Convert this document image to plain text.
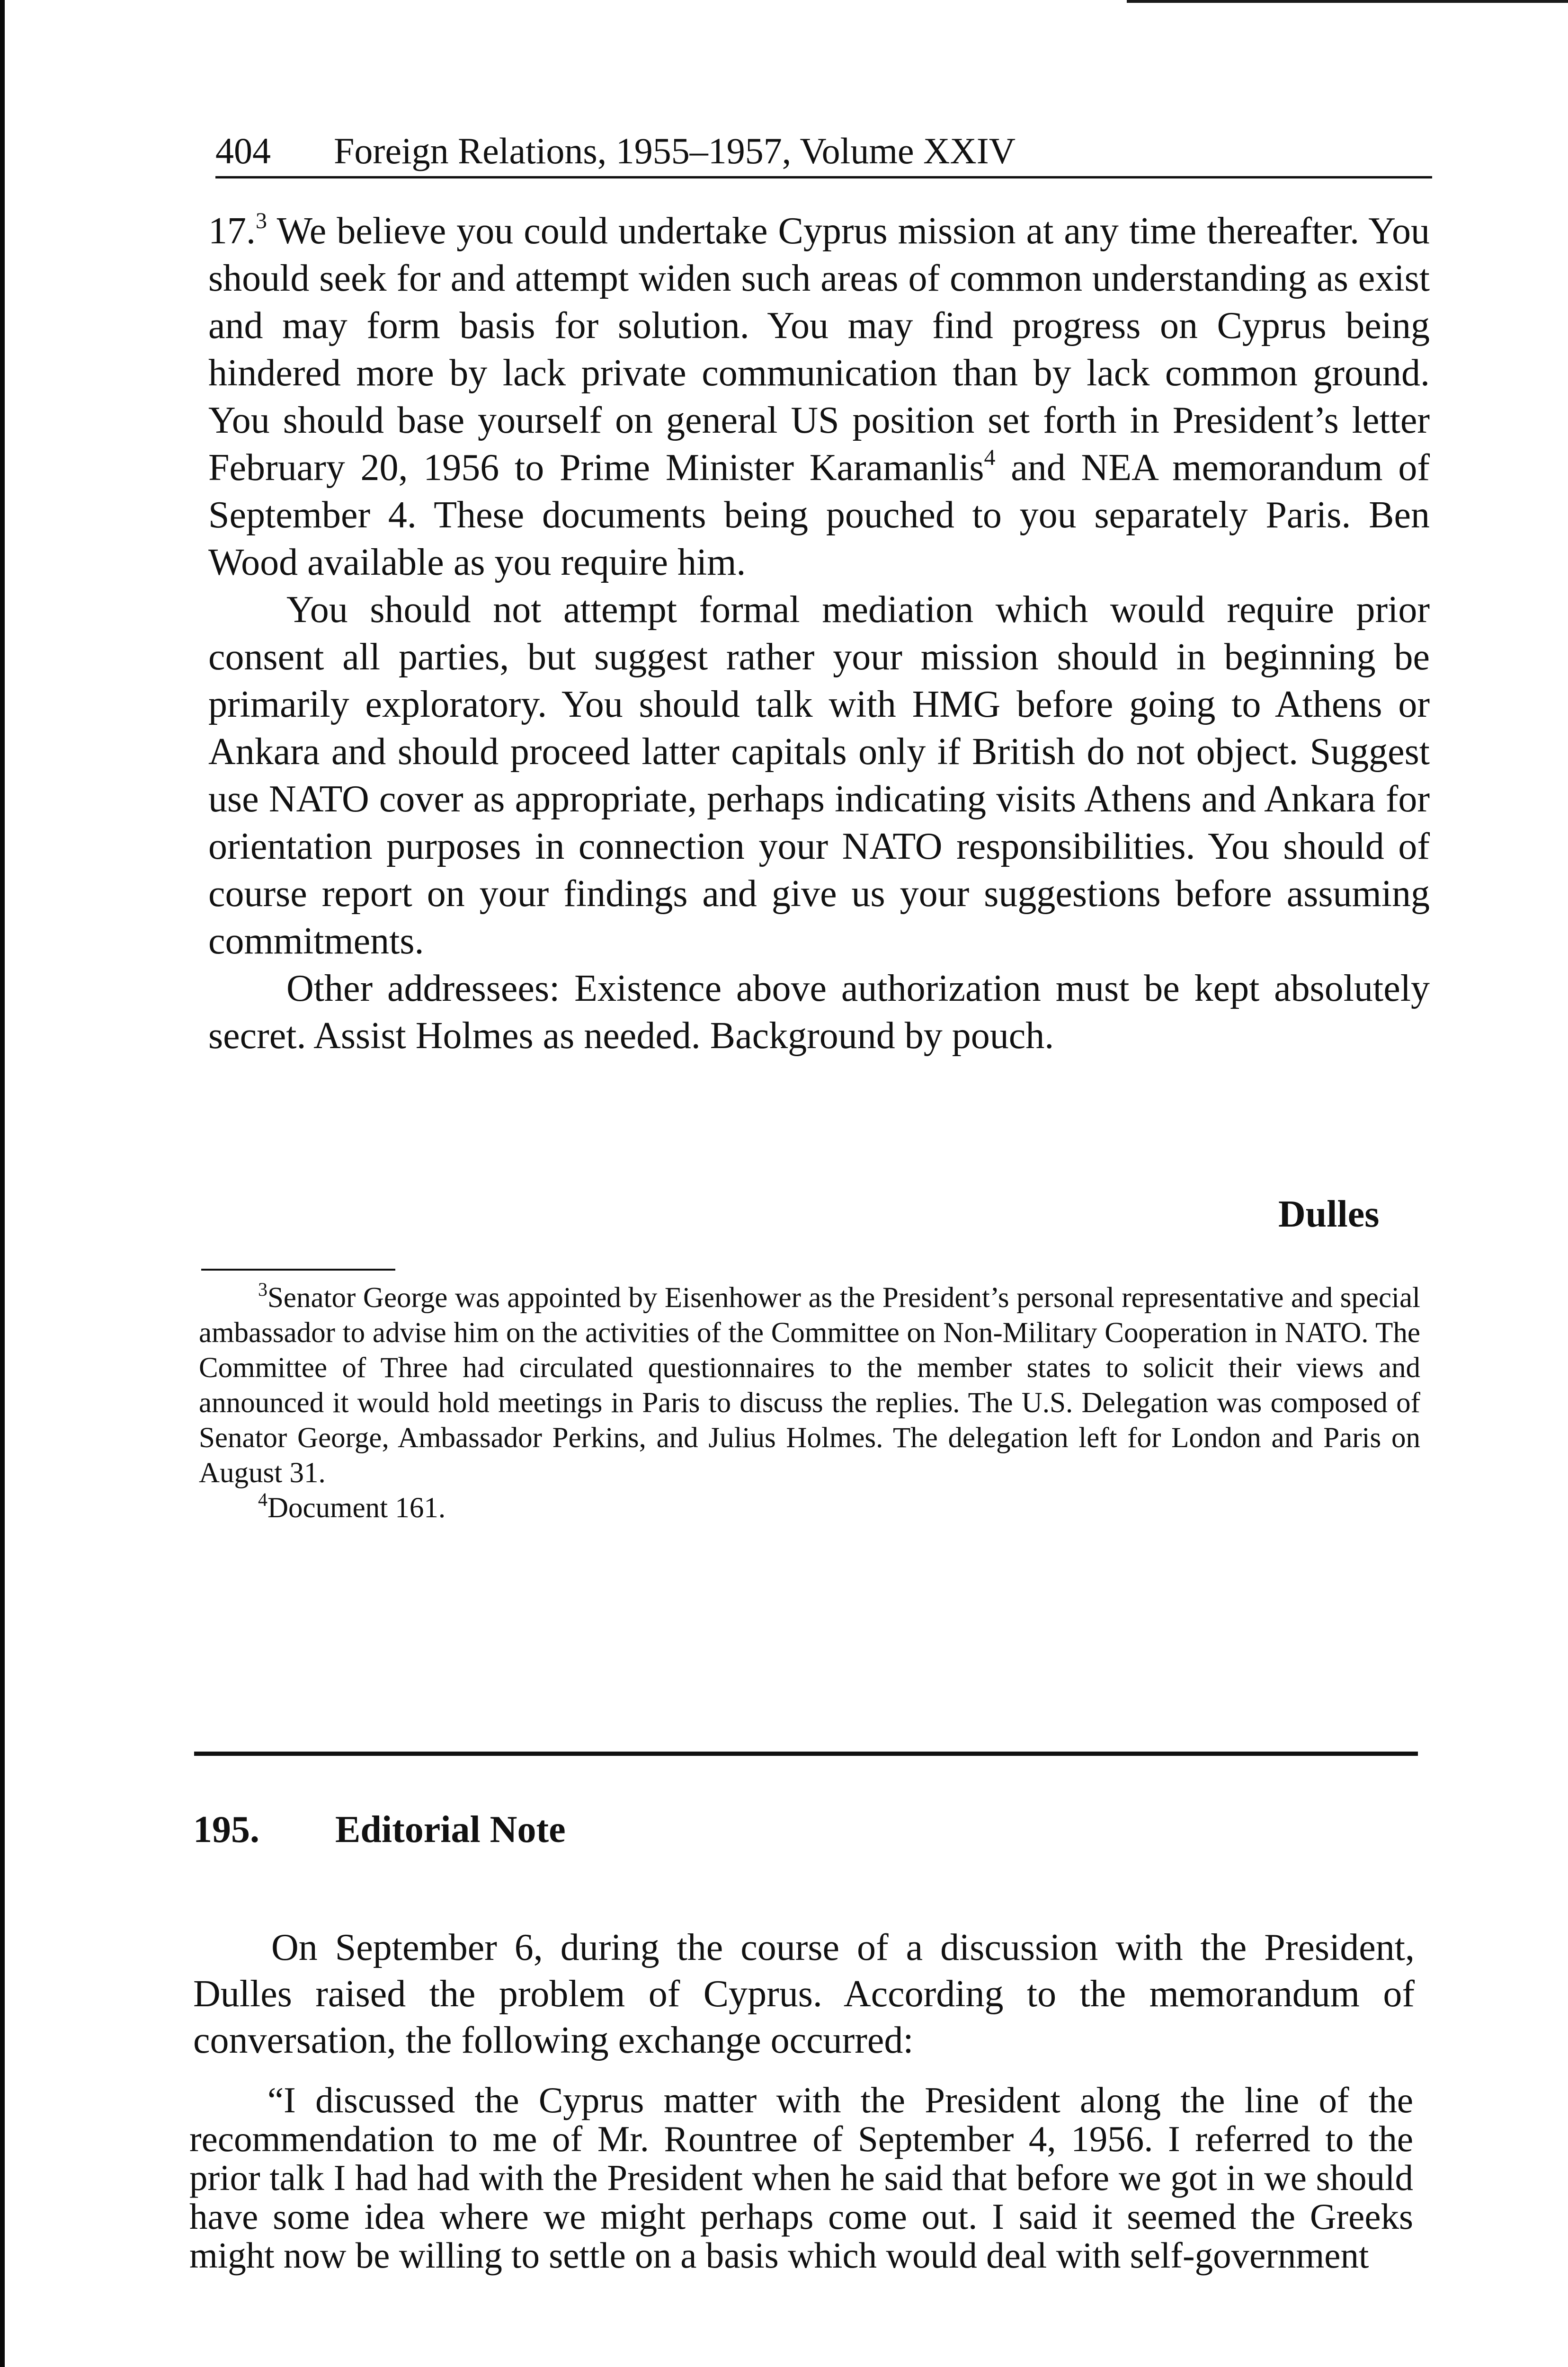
404 Foreign Relations, 1955–1957, Volume XXIV

17.$^3$ We believe you could undertake Cyprus mission at any time thereafter. You should seek for and attempt widen such areas of common understanding as exist and may form basis for solution. You may find progress on Cyprus being hindered more by lack private communication than by lack common ground. You should base yourself on general US position set forth in President’s letter February 20, 1956 to Prime Minister Karamanlis$^4$ and NEA memorandum of September 4. These documents being pouched to you separately Paris. Ben Wood available as you require him.

You should not attempt formal mediation which would require prior consent all parties, but suggest rather your mission should in beginning be primarily exploratory. You should talk with HMG before going to Athens or Ankara and should proceed latter capitals only if British do not object. Suggest use NATO cover as appropriate, perhaps indicating visits Athens and Ankara for orientation purposes in connection your NATO responsibilities. You should of course report on your findings and give us your suggestions before assuming commitments.

Other addressees: Existence above authorization must be kept absolutely secret. Assist Holmes as needed. Background by pouch.

Dulles

$^3$Senator George was appointed by Eisenhower as the President’s personal representative and special ambassador to advise him on the activities of the Committee on Non-Military Cooperation in NATO. The Committee of Three had circulated questionnaires to the member states to solicit their views and announced it would hold meetings in Paris to discuss the replies. The U.S. Delegation was composed of Senator George, Ambassador Perkins, and Julius Holmes. The delegation left for London and Paris on August 31.

$^4$Document 161.

195. Editorial Note

On September 6, during the course of a discussion with the President, Dulles raised the problem of Cyprus. According to the memorandum of conversation, the following exchange occurred:

“I discussed the Cyprus matter with the President along the line of the recommendation to me of Mr. Rountree of September 4, 1956. I referred to the prior talk I had had with the President when he said that before we got in we should have some idea where we might perhaps come out. I said it seemed the Greeks might now be willing to settle on a basis which would deal with self-government
